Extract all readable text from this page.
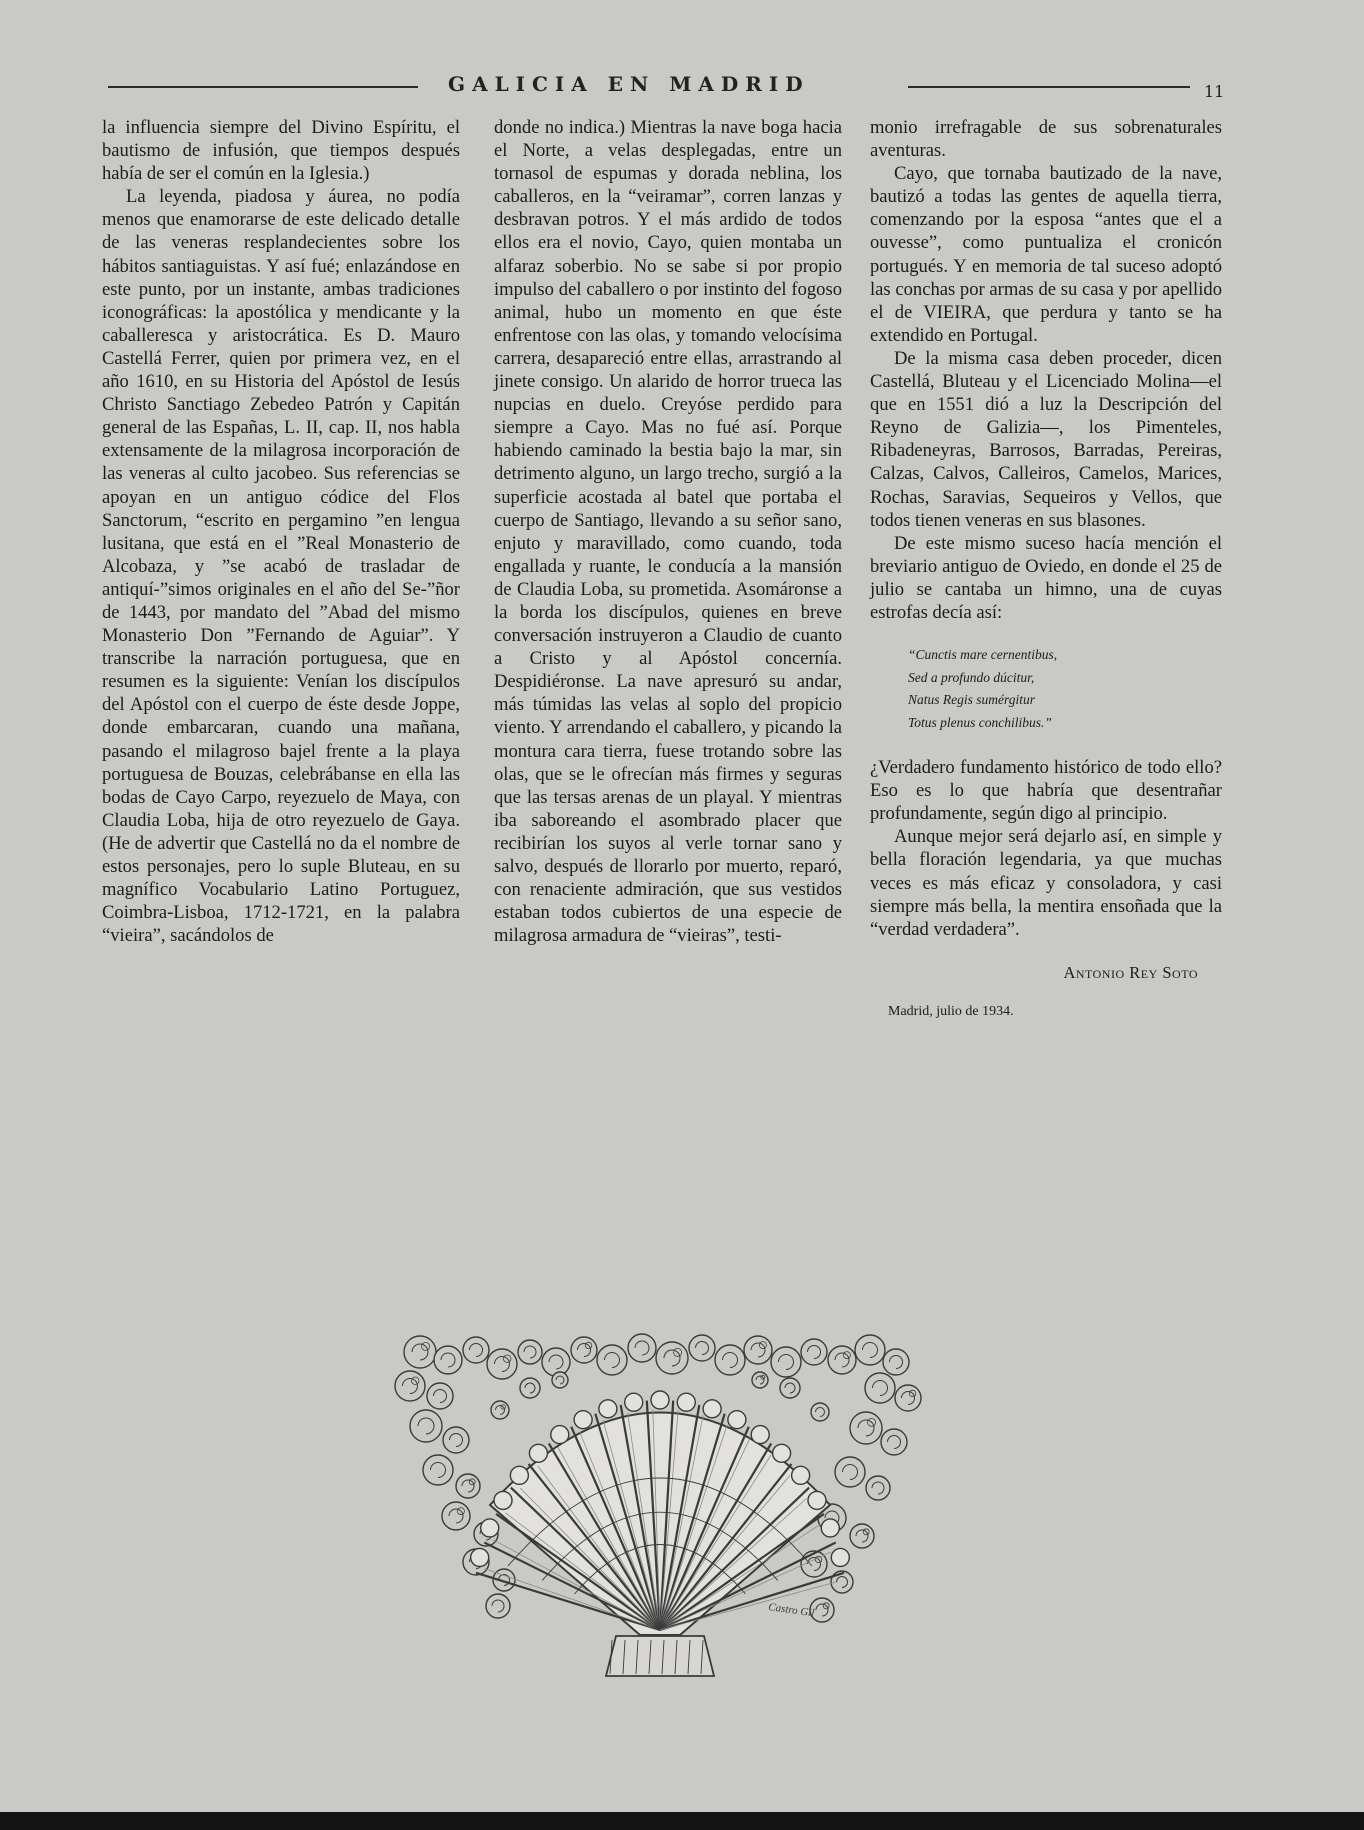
GALICIA EN MADRID	11

la influencia siempre del Divino Espíritu, el bautismo de infusión, que tiempos después había de ser el común en la Iglesia.)

La leyenda, piadosa y áurea, no podía menos que enamorarse de este delicado detalle de las veneras resplandecientes sobre los hábitos santiaguistas. Y así fué; enlazándose en este punto, por un instante, ambas tradiciones iconográficas: la apostólica y mendicante y la caballeresca y aristocrática. Es D. Mauro Castellá Ferrer, quien por primera vez, en el año 1610, en su Historia del Apóstol de Iesús Christo Sanctiago Zebedeo Patrón y Capitán general de las Españas, L. II, cap. II, nos habla extensamente de la milagrosa incorporación de las veneras al culto jacobeo. Sus referencias se apoyan en un antiguo códice del Flos Sanctorum, “escrito en pergamino ”en lengua lusitana, que está en el ”Real Monasterio de Alcobaza, y ”se acabó de trasladar de antiquí-”simos originales en el año del Se-”ñor de 1443, por mandato del ”Abad del mismo Monasterio Don ”Fernando de Aguiar”. Y transcribe la narración portuguesa, que en resumen es la siguiente: Venían los discípulos del Apóstol con el cuerpo de éste desde Joppe, donde embarcaran, cuando una mañana, pasando el milagroso bajel frente a la playa portuguesa de Bouzas, celebrábanse en ella las bodas de Cayo Carpo, reyezuelo de Maya, con Claudia Loba, hija de otro reyezuelo de Gaya. (He de advertir que Castellá no da el nombre de estos personajes, pero lo suple Bluteau, en su magnífico Vocabulario Latino Portuguez, Coimbra-Lisboa, 1712-1721, en la palabra “vieira”, sacándolos de

donde no indica.) Mientras la nave boga hacia el Norte, a velas desplegadas, entre un tornasol de espumas y dorada neblina, los caballeros, en la “veiramar”, corren lanzas y desbravan potros. Y el más ardido de todos ellos era el novio, Cayo, quien montaba un alfaraz soberbio. No se sabe si por propio impulso del caballero o por instinto del fogoso animal, hubo un momento en que éste enfrentose con las olas, y tomando velocísima carrera, desapareció entre ellas, arrastrando al jinete consigo. Un alarido de horror trueca las nupcias en duelo. Creyóse perdido para siempre a Cayo. Mas no fué así. Porque habiendo caminado la bestia bajo la mar, sin detrimento alguno, un largo trecho, surgió a la superficie acostada al batel que portaba el cuerpo de Santiago, llevando a su señor sano, enjuto y maravillado, como cuando, toda engallada y ruante, le conducía a la mansión de Claudia Loba, su prometida. Asomáronse a la borda los discípulos, quienes en breve conversación instruyeron a Claudio de cuanto a Cristo y al Apóstol concernía. Despidiéronse. La nave apresuró su andar, más túmidas las velas al soplo del propicio viento. Y arrendando el caballero, y picando la montura cara tierra, fuese trotando sobre las olas, que se le ofrecían más firmes y seguras que las tersas arenas de un playal. Y mientras iba saboreando el asombrado placer que recibirían los suyos al verle tornar sano y salvo, después de llorarlo por muerto, reparó, con renaciente admiración, que sus vestidos estaban todos cubiertos de una especie de milagrosa armadura de “vieiras”, testi-

monio irrefragable de sus sobrenaturales aventuras.

Cayo, que tornaba bautizado de la nave, bautizó a todas las gentes de aquella tierra, comenzando por la esposa “antes que el a ouvesse”, como puntualiza el cronicón portugués. Y en memoria de tal suceso adoptó las conchas por armas de su casa y por apellido el de VIEIRA, que perdura y tanto se ha extendido en Portugal.

De la misma casa deben proceder, dicen Castellá, Bluteau y el Licenciado Molina—el que en 1551 dió a luz la Descripción del Reyno de Galizia—, los Pimenteles, Ribadeneyras, Barrosos, Barradas, Pereiras, Calzas, Calvos, Calleiros, Camelos, Marices, Rochas, Saravias, Sequeiros y Vellos, que todos tienen veneras en sus blasones.

De este mismo suceso hacía mención el breviario antiguo de Oviedo, en donde el 25 de julio se cantaba un himno, una de cuyas estrofas decía así:

“Cunctis mare cernentibus,
Sed a profundo dúcitur,
Natus Regis sumérgitur
Totus plenus conchilibus.”

¿Verdadero fundamento histórico de todo ello? Eso es lo que habría que desentrañar profundamente, según digo al principio.

Aunque mejor será dejarlo así, en simple y bella floración legendaria, ya que muchas veces es más eficaz y consoladora, y casi siempre más bella, la mentira ensoñada que la “verdad verdadera”.

Antonio Rey Soto
Madrid, julio de 1934.
Castro Gil
